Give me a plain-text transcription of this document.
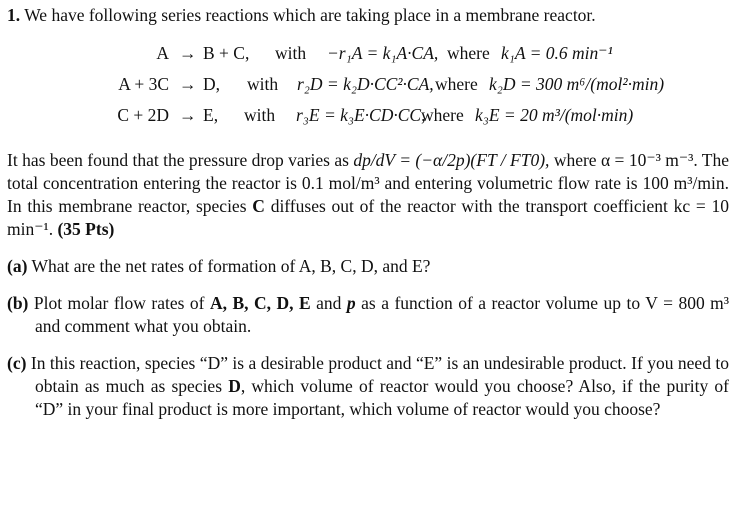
1. We have following series reactions which are taking place in a membrane reactor.

A → B + C, with −r₁A = k₁A·CA, where k₁A = 0.6 min⁻¹
A + 3C → D, with r₂D = k₂D·CC²·CA, where k₂D = 300 m⁶/(mol²·min)
C + 2D → E, with r₃E = k₃E·CD·CC,
where k₃E = 20 m³/(mol·min)

It has been found that the pressure drop varies as dp/dV = (−α/2p)(FT / FT0), where α = 10⁻³ m⁻³. The total concentration entering the reactor is 0.1 mol/m³ and entering volumetric flow rate is 100 m³/min. In this membrane reactor, species C diffuses out of the reactor with the transport coefficient kc = 10 min⁻¹. (35 Pts)

(a) What are the net rates of formation of A, B, C, D, and E?

(b) Plot molar flow rates of A, B, C, D, E and p as a function of a reactor volume up to V = 800 m³ and comment what you obtain.

(c) In this reaction, species “D” is a desirable product and “E” is an undesirable product. If you need to obtain as much as species D, which volume of reactor would you choose? Also, if the purity of “D” in your final product is more important, which volume of reactor would you choose?
